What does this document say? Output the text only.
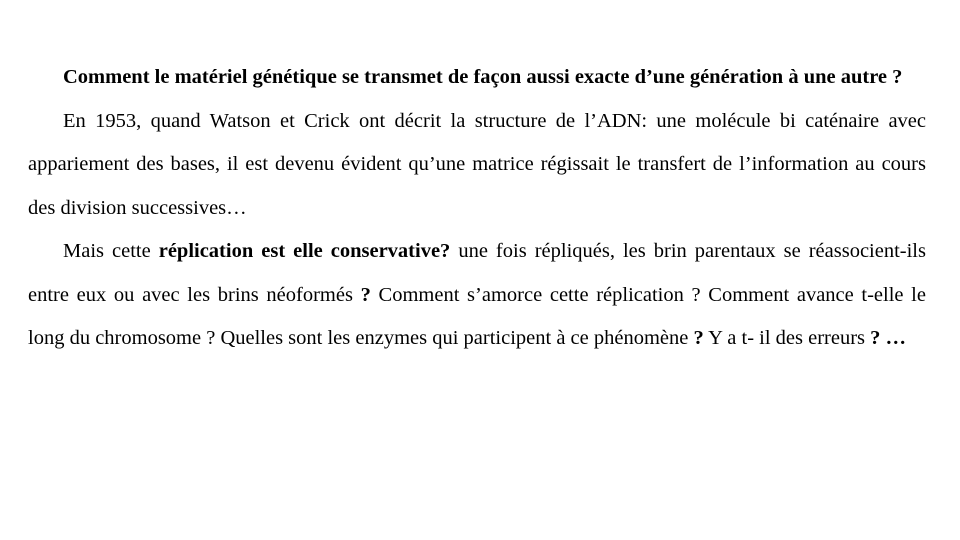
Comment le matériel génétique se transmet de façon aussi exacte d’une génération à une autre ?

En 1953, quand Watson et Crick ont décrit la structure de l’ADN: une molécule bi caténaire avec appariement des bases, il est devenu évident qu’une matrice régissait le transfert de l’information au cours des division successives…

Mais cette réplication est elle conservative? une fois répliqués, les brin parentaux se réassocient-ils entre eux ou avec les brins néoformés ? Comment s’amorce cette réplication ? Comment avance t-elle le long du chromosome ? Quelles sont les enzymes qui participent à ce phénomène ? Y a t- il des erreurs ? …
